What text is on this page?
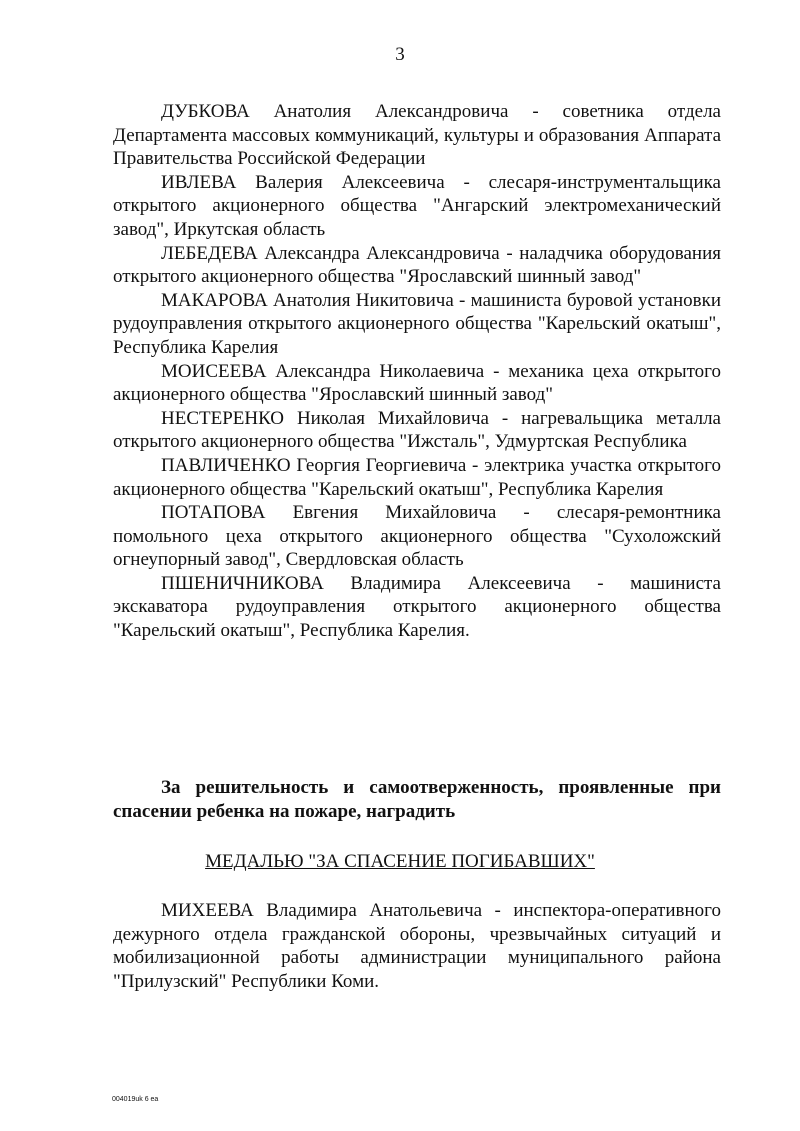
3

ДУБКОВА Анатолия Александровича - советника отдела Департамента массовых коммуникаций, культуры и образования Аппарата Правительства Российской Федерации

ИВЛЕВА Валерия Алексеевича - слесаря-инструментальщика открытого акционерного общества "Ангарский электромеханический завод", Иркутская область

ЛЕБЕДЕВА Александра Александровича - наладчика оборудования открытого акционерного общества "Ярославский шинный завод"

МАКАРОВА Анатолия Никитовича - машиниста буровой установки рудоуправления открытого акционерного общества "Карельский окатыш", Республика Карелия

МОИСЕЕВА Александра Николаевича - механика цеха открытого акционерного общества "Ярославский шинный завод"

НЕСТЕРЕНКО Николая Михайловича - нагревальщика металла открытого акционерного общества "Ижсталь", Удмуртская Республика

ПАВЛИЧЕНКО Георгия Георгиевича - электрика участка открытого акционерного общества "Карельский окатыш", Республика Карелия

ПОТАПОВА Евгения Михайловича - слесаря-ремонтника помольного цеха открытого акционерного общества "Сухоложский огнеупорный завод", Свердловская область

ПШЕНИЧНИКОВА Владимира Алексеевича - машиниста экскаватора рудоуправления открытого акционерного общества "Карельский окатыш", Республика Карелия.

За решительность и самоотверженность, проявленные при спасении ребенка на пожаре, наградить

МЕДАЛЬЮ "ЗА СПАСЕНИЕ ПОГИБАВШИХ"

МИХЕЕВА Владимира Анатольевича - инспектора-оперативного дежурного отдела гражданской обороны, чрезвычайных ситуаций и мобилизационной работы администрации муниципального района "Прилузский" Республики Коми.

004019uk 6 ea
